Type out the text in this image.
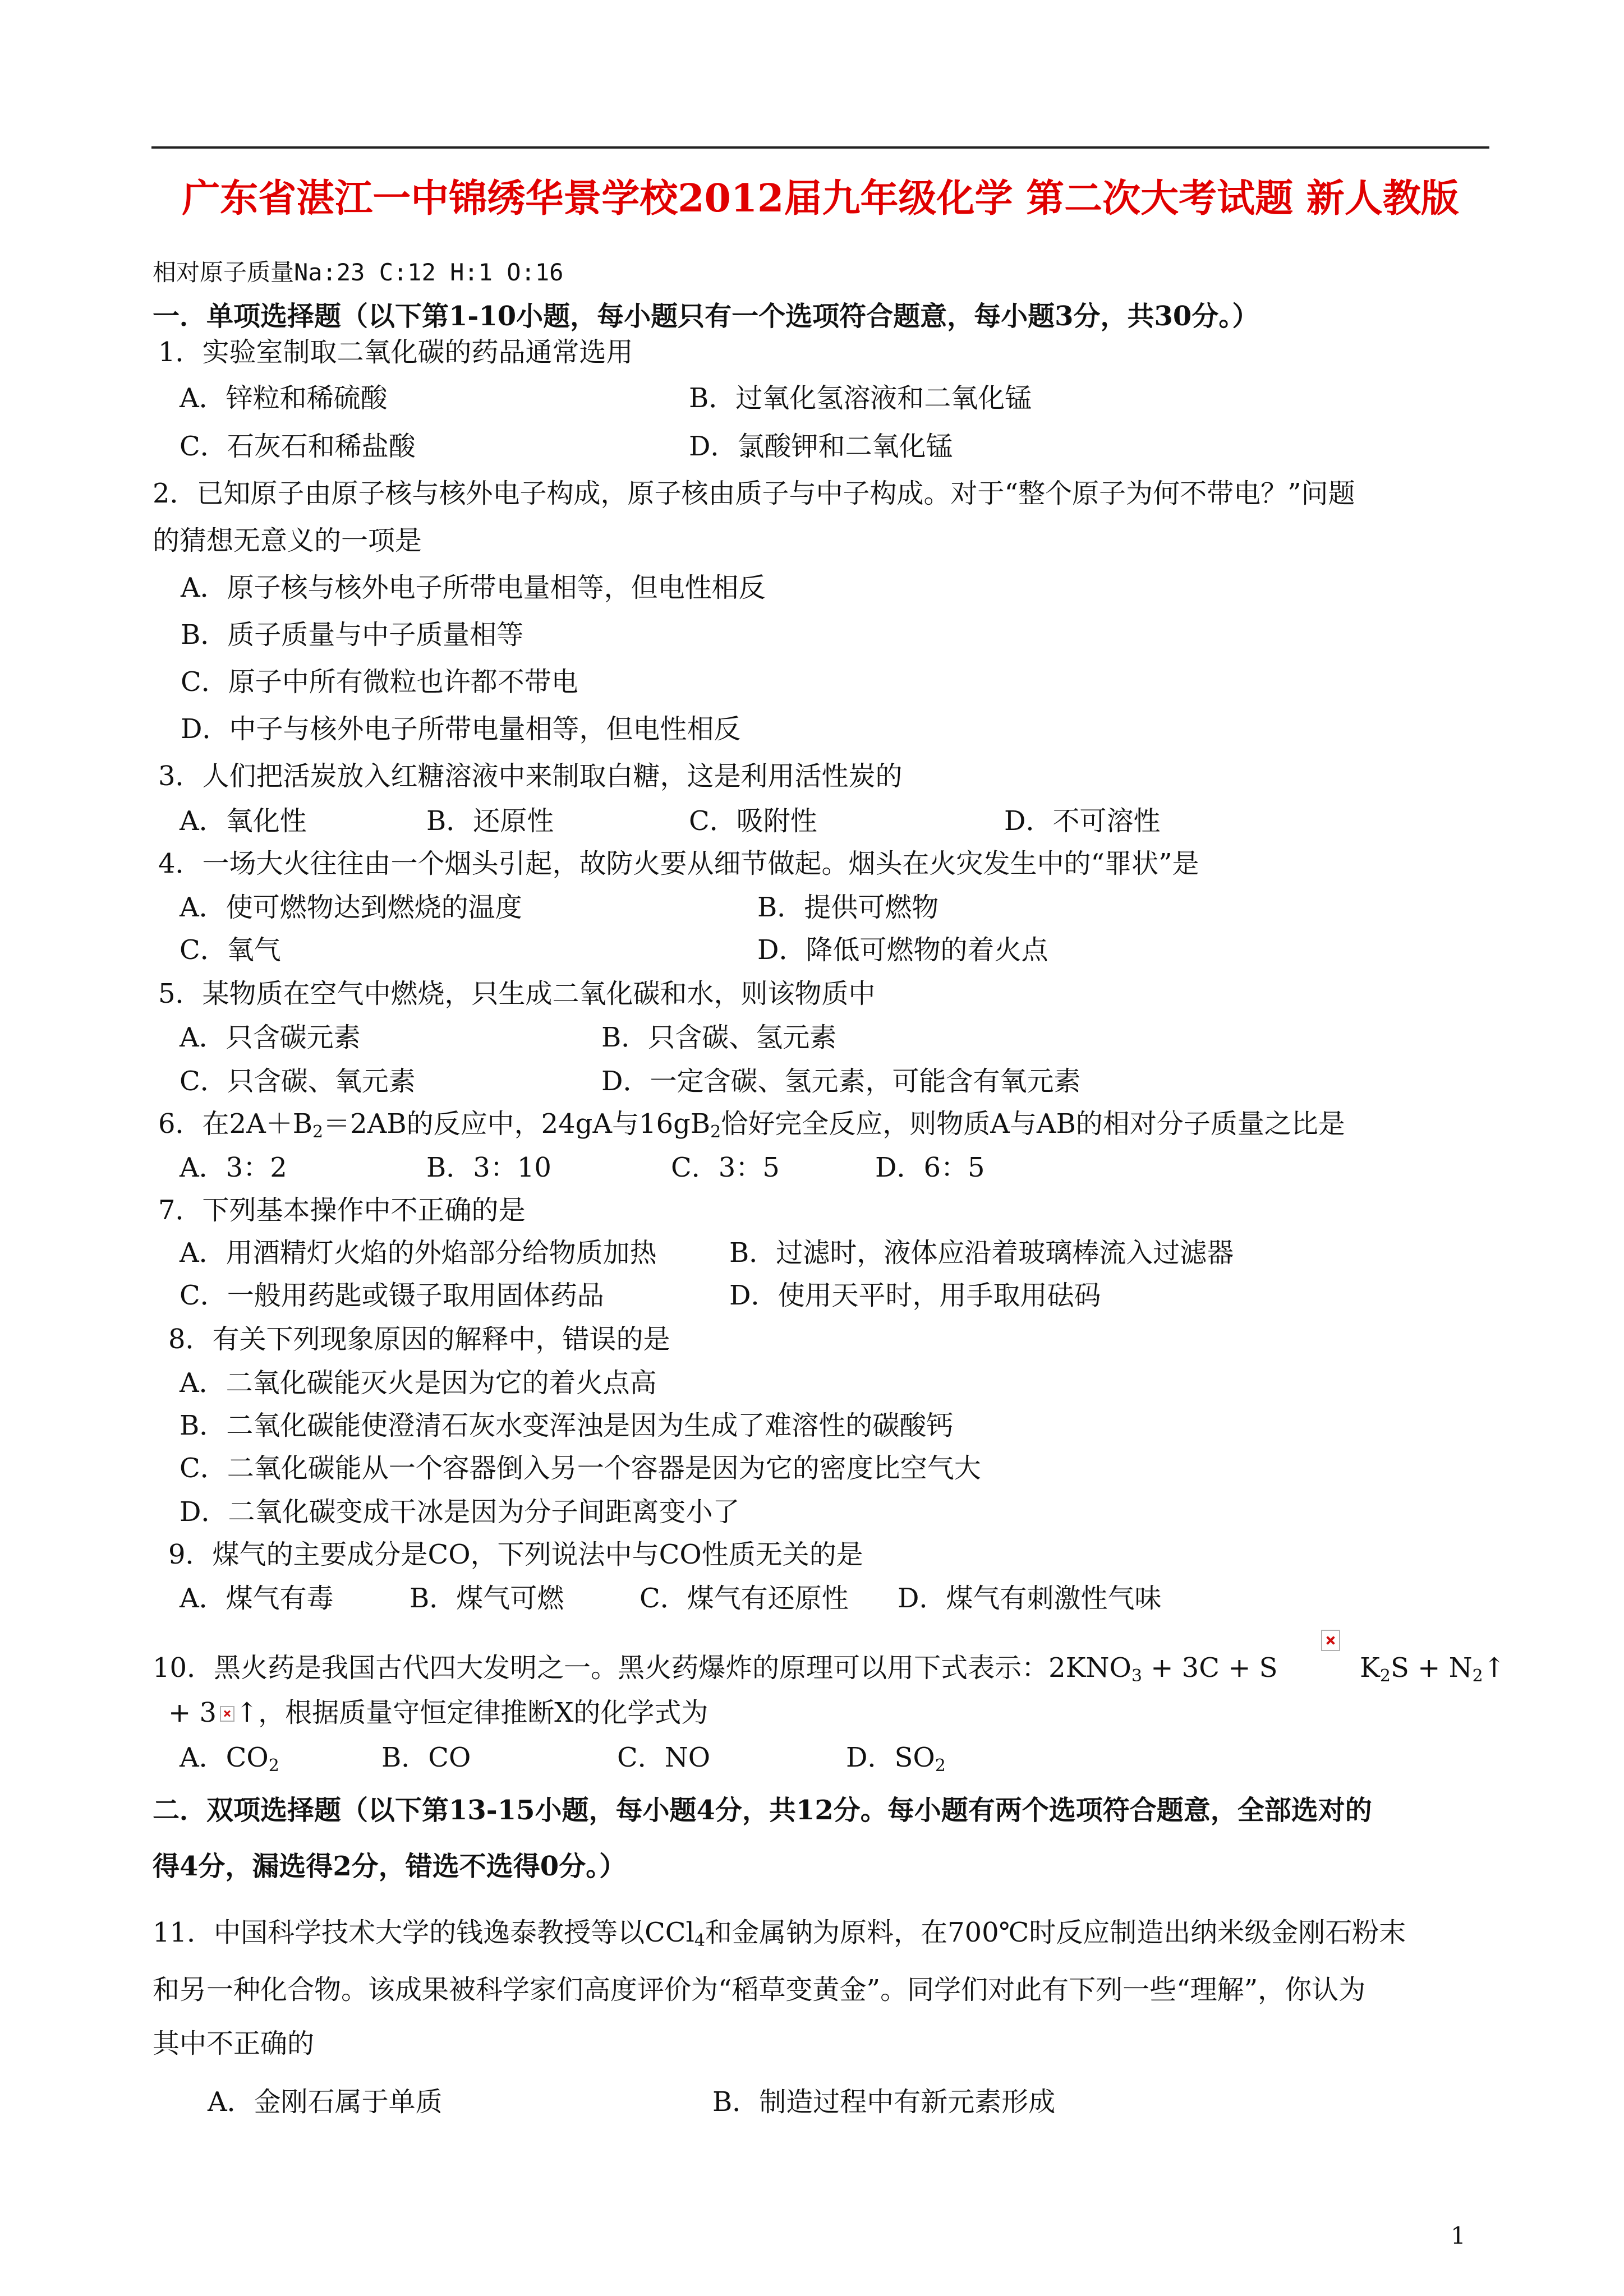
广东省湛江一中锦绣华景学校2012届九年级化学 第二次大考试题 新人教版
相对原子质量Na:23 C:12 H:1 O:16
一．单项选择题（以下第1-10小题，每小题只有一个选项符合题意，每小题3分，共30分。）
1．实验室制取二氧化碳的药品通常选用
A．锌粒和稀硫酸	B．过氧化氢溶液和二氧化锰
C．石灰石和稀盐酸	D．氯酸钾和二氧化锰
2．已知原子由原子核与核外电子构成，原子核由质子与中子构成。对于“整个原子为何不带电？”问题
的猜想无意义的一项是
A．原子核与核外电子所带电量相等，但电性相反
B．质子质量与中子质量相等
C．原子中所有微粒也许都不带电
D．中子与核外电子所带电量相等，但电性相反
3．人们把活炭放入红糖溶液中来制取白糖，这是利用活性炭的
A．氧化性	B．还原性	C．吸附性	D．不可溶性
4．一场大火往往由一个烟头引起，故防火要从细节做起。烟头在火灾发生中的“罪状”是
A．使可燃物达到燃烧的温度	B．提供可燃物
C．氧气	D．降低可燃物的着火点
5．某物质在空气中燃烧，只生成二氧化碳和水，则该物质中
A．只含碳元素	B．只含碳、氢元素
C．只含碳、氧元素	D．一定含碳、氢元素，可能含有氧元素
6．在$2A+B_2=2AB$的反应中，24gA与$16gB_2$恰好完全反应，则物质A与AB的相对分子质量之比是
A．3：2	B．3：10	C．3：5	D．6：5
7．下列基本操作中不正确的是
A．用酒精灯火焰的外焰部分给物质加热	B．过滤时，液体应沿着玻璃棒流入过滤器
C．一般用药匙或镊子取用固体药品	D．使用天平时，用手取用砝码
8．有关下列现象原因的解释中，错误的是
A．二氧化碳能灭火是因为它的着火点高
B．二氧化碳能使澄清石灰水变浑浊是因为生成了难溶性的碳酸钙
C．二氧化碳能从一个容器倒入另一个容器是因为它的密度比空气大
D．二氧化碳变成干冰是因为分子间距离变小了
9．煤气的主要成分是CO，下列说法中与CO性质无关的是
A．煤气有毒	B．煤气可燃	C．煤气有还原性 D．煤气有刺激性气味
10．黑火药是我国古代四大发明之一。黑火药爆炸的原理可以用下式表示：$2KNO_3 + 3C + S$	$K_2S$ + $N_2↑$
+ 3 ↑，根据质量守恒定律推断X的化学式为
A．$CO_2$	B．CO	C．NO	D．$SO_2$
二．双项选择题（以下第13-15小题，每小题4分，共12分。每小题有两个选项符合题意，全部选对的
得4分，漏选得2分，错选不选得0分。）
11．中国科学技术大学的钱逸泰教授等以CCl$_4$和金属钠为原料，在700℃时反应制造出纳米级金刚石粉末
和另一种化合物。该成果被科学家们高度评价为“稻草变黄金”。同学们对此有下列一些“理解”，你认为
其中不正确的
A．金刚石属于单质	B．制造过程中有新元素形成
1
